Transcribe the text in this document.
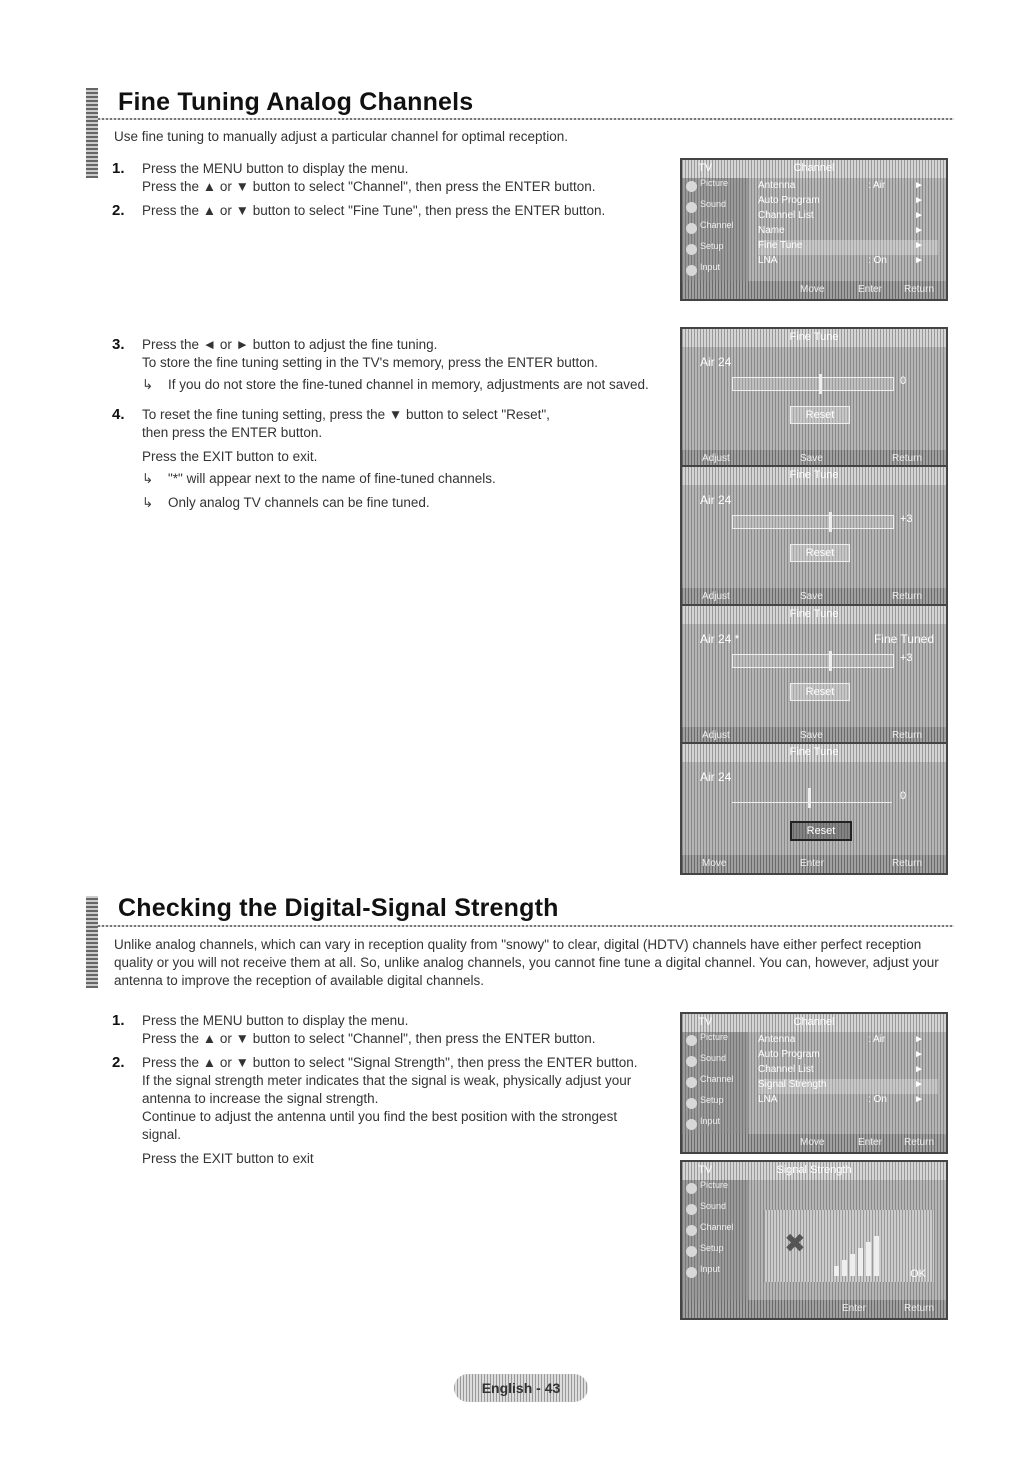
Fine Tuning Analog Channels
Use fine tuning to manually adjust a particular channel for optimal reception.
1.	Press the MENU button to display the menu.
Press the ▲ or ▼ button to select "Channel", then press the ENTER button.
2.	Press the ▲ or ▼ button to select "Fine Tune", then press the ENTER button.
3.	Press the ◄ or ► button to adjust the fine tuning.
To store the fine tuning setting in the TV's memory, press the ENTER button.
↳	If you do not store the fine-tuned channel in memory, adjustments are not saved.
4.	To reset the fine tuning setting, press the ▼ button to select "Reset",
then press the ENTER button.
Press the EXIT button to exit.
↳	"*" will appear next to the name of fine-tuned channels.
↳	Only analog TV channels can be fine tuned.
TV	Channel
Picture
Sound
Channel
Setup
Input
Antenna	: Air	►
Auto Program	►
Channel List	►
Name	►
Fine Tune	►
LNA	: On	►
Move	Enter Return
Fine Tune
Air 24
0
Reset
Adjust	Save	Return
Fine Tune
Air 24
+3
Reset
Adjust	Save	Return
Fine Tune
Air 24 *	Fine Tuned
+3
Reset
Adjust	Save	Return
Fine Tune
Air 24
0
Reset
Move	Enter	Return
Checking the Digital-Signal Strength
Unlike analog channels, which can vary in reception quality from "snowy" to clear, digital (HDTV) channels have either perfect reception quality or you will not receive them at all. So, unlike analog channels, you cannot fine tune a digital channel. You can, however, adjust your antenna to improve the reception of available digital channels.
1.	Press the MENU button to display the menu.
Press the ▲ or ▼ button to select "Channel", then press the ENTER button.
2.	Press the ▲ or ▼ button to select "Signal Strength", then press the ENTER button.
If the signal strength meter indicates that the signal is weak, physically adjust your antenna to increase the signal strength.
Continue to adjust the antenna until you find the best position with the strongest signal.
Press the EXIT button to exit
TV	Channel
Picture
Sound
Channel
Setup
Input
Antenna	: Air	►
Auto Program	►
Channel List	►
Signal Strength	►
LNA	: On	►
Move	Enter Return
TV	Signal Strength
Picture
Sound
Channel
Setup
Input
✖
OK
Enter	Return
English - 43
